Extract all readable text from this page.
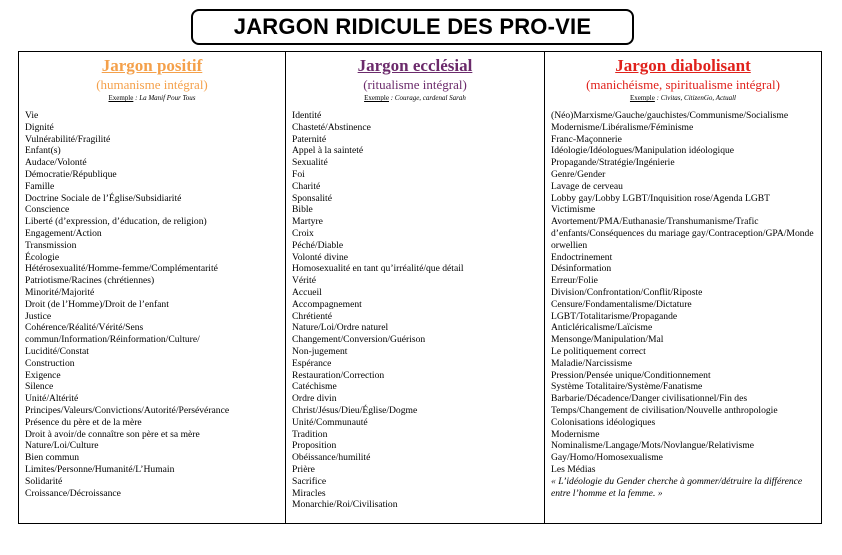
JARGON RIDICULE DES PRO-VIE
Jargon positif
(humanisme intégral)
Exemple : La Manif Pour Tous
Vie
Dignité
Vulnérabilité/Fragilité
Enfant(s)
Audace/Volonté
Démocratie/République
Famille
Doctrine Sociale de l’Église/Subsidiarité
Conscience
Liberté (d’expression, d’éducation, de religion)
Engagement/Action
Transmission
Écologie
Hétérosexualité/Homme-femme/Complémentarité
Patriotisme/Racines (chrétiennes)
Minorité/Majorité
Droit (de l’Homme)/Droit de l’enfant
Justice
Cohérence/Réalité/Vérité/Sens
commun/Information/Réinformation/Culture/
Lucidité/Constat
Construction
Exigence
Silence
Unité/Altérité
Principes/Valeurs/Convictions/Autorité/Persévérance
Présence du père et de la mère
Droit à avoir/de connaître son père et sa mère
Nature/Loi/Culture
Bien commun
Limites/Personne/Humanité/L’Humain
Solidarité
Croissance/Décroissance
Jargon ecclésial
(ritualisme intégral)
Exemple : Courage, cardenal Sarah
Identité
Chasteté/Abstinence
Paternité
Appel à la sainteté
Sexualité
Foi
Charité
Sponsalité
Bible
Martyre
Croix
Péché/Diable
Volonté divine
Homosexualité en tant qu’irréalité/que détail
Vérité
Accueil
Accompagnement
Chrétienté
Nature/Loi/Ordre naturel
Changement/Conversion/Guérison
Non-jugement
Espérance
Restauration/Correction
Catéchisme
Ordre divin
Christ/Jésus/Dieu/Église/Dogme
Unité/Communauté
Tradition
Proposition
Obéissance/humilité
Prière
Sacrifice
Miracles
Monarchie/Roi/Civilisation
Jargon diabolisant
(manichéisme, spiritualisme intégral)
Exemple : Civitas, CitizenGo, Actuall
(Néo)Marxisme/Gauche/gauchistes/Communisme/Socialisme
Modernisme/Libéralisme/Féminisme
Franc-Maçonnerie
Idéologie/Idéologues/Manipulation idéologique
Propagande/Stratégie/Ingénierie
Genre/Gender
Lavage de cerveau
Lobby gay/Lobby LGBT/Inquisition rose/Agenda LGBT
Victimisme
Avortement/PMA/Euthanasie/Transhumanisme/Trafic d’enfants/Conséquences du mariage gay/Contraception/GPA/Monde orwellien
Endoctrinement
Désinformation
Erreur/Folie
Division/Confrontation/Conflit/Riposte
Censure/Fondamentalisme/Dictature
LGBT/Totalitarisme/Propagande
Anticléricalisme/Laïcisme
Mensonge/Manipulation/Mal
Le politiquement correct
Maladie/Narcissisme
Pression/Pensée unique/Conditionnement
Système Totalitaire/Système/Fanatisme
Barbarie/Décadence/Danger civilisationnel/Fin des Temps/Changement de civilisation/Nouvelle anthropologie
Colonisations idéologiques
Modernisme
Nominalisme/Langage/Mots/Novlangue/Relativisme
Gay/Homo/Homosexualisme
Les Médias
« L’idéologie du Gender cherche à gommer/détruire la différence entre l’homme et la femme. »
